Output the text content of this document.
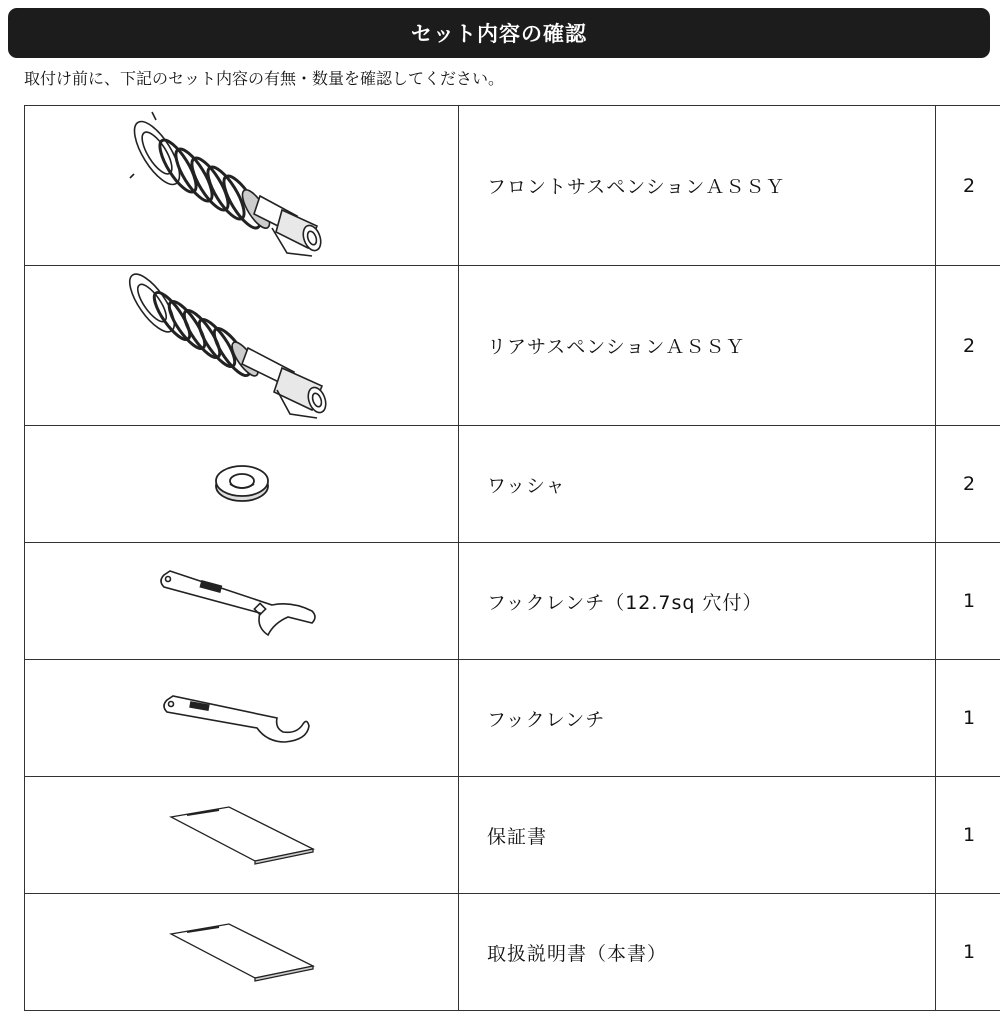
セット内容の確認
取付け前に、下記のセット内容の有無・数量を確認してください。
	フロントサスペンションＡＳＳＹ	2

	リアサスペンションＡＳＳＹ	2

	ワッシャ	2

	フックレンチ（12.7sq 穴付）	1

	フックレンチ	1

	保証書	1

	取扱説明書（本書）	1
